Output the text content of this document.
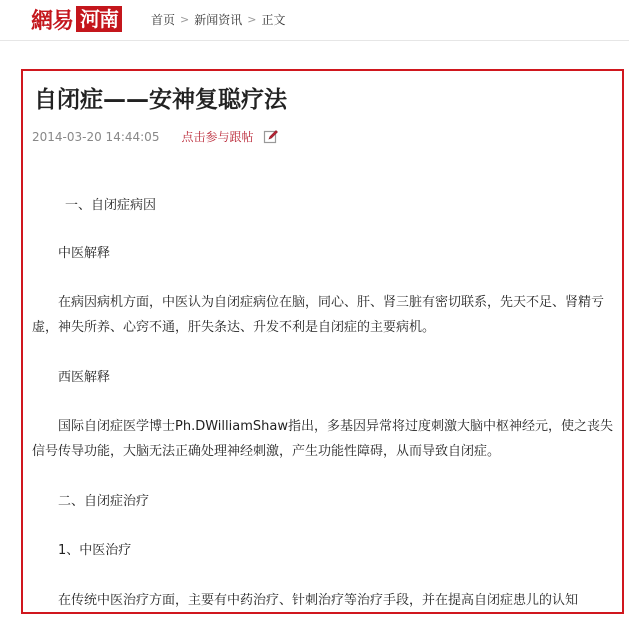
網易 河南	首页 > 新闻资讯 > 正文
自闭症——安神复聪疗法
2014-03-20 14:44:05 点击参与跟帖

一、自闭症病因

中医解释

在病因病机方面，中医认为自闭症病位在脑，同心、肝、肾三脏有密切联系，先天不足、肾精亏虚，神失所养、心窍不通，肝失条达、升发不利是自闭症的主要病机。

西医解释

国际自闭症医学博士Ph.DWilliamShaw指出，多基因异常将过度刺激大脑中枢神经元，使之丧失信号传导功能，大脑无法正确处理神经刺激，产生功能性障碍，从而导致自闭症。

二、自闭症治疗

1、中医治疗

在传统中医治疗方面，主要有中药治疗、针刺治疗等治疗手段，并在提高自闭症患儿的认知
